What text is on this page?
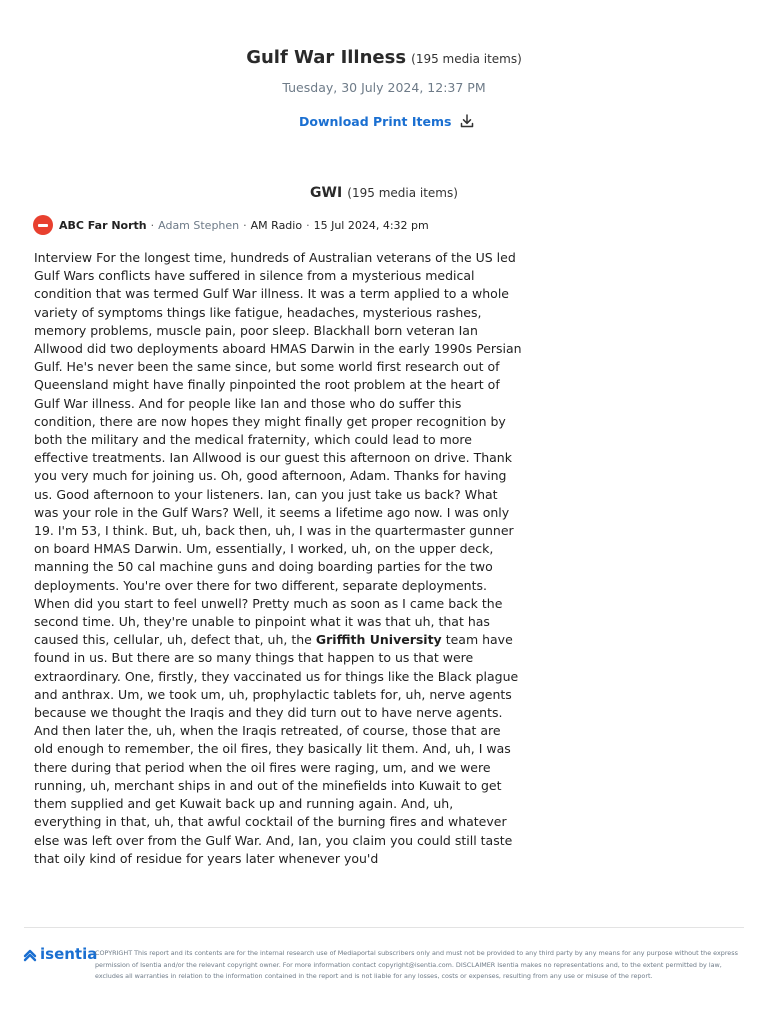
Gulf War Illness (195 media items)
Tuesday, 30 July 2024, 12:37 PM
Download Print Items
GWI (195 media items)
ABC Far North · Adam Stephen · AM Radio · 15 Jul 2024, 4:32 pm
Interview For the longest time, hundreds of Australian veterans of the US led Gulf Wars conflicts have suffered in silence from a mysterious medical condition that was termed Gulf War illness. It was a term applied to a whole variety of symptoms things like fatigue, headaches, mysterious rashes, memory problems, muscle pain, poor sleep. Blackhall born veteran Ian Allwood did two deployments aboard HMAS Darwin in the early 1990s Persian Gulf. He's never been the same since, but some world first research out of Queensland might have finally pinpointed the root problem at the heart of Gulf War illness. And for people like Ian and those who do suffer this condition, there are now hopes they might finally get proper recognition by both the military and the medical fraternity, which could lead to more effective treatments. Ian Allwood is our guest this afternoon on drive. Thank you very much for joining us. Oh, good afternoon, Adam. Thanks for having us. Good afternoon to your listeners. Ian, can you just take us back? What was your role in the Gulf Wars? Well, it seems a lifetime ago now. I was only 19. I'm 53, I think. But, uh, back then, uh, I was in the quartermaster gunner on board HMAS Darwin. Um, essentially, I worked, uh, on the upper deck, manning the 50 cal machine guns and doing boarding parties for the two deployments. You're over there for two different, separate deployments. When did you start to feel unwell? Pretty much as soon as I came back the second time. Uh, they're unable to pinpoint what it was that uh, that has caused this, cellular, uh, defect that, uh, the Griffith University team have found in us. But there are so many things that happen to us that were extraordinary. One, firstly, they vaccinated us for things like the Black plague and anthrax. Um, we took um, uh, prophylactic tablets for, uh, nerve agents because we thought the Iraqis and they did turn out to have nerve agents. And then later the, uh, when the Iraqis retreated, of course, those that are old enough to remember, the oil fires, they basically lit them. And, uh, I was there during that period when the oil fires were raging, um, and we were running, uh, merchant ships in and out of the minefields into Kuwait to get them supplied and get Kuwait back up and running again. And, uh, everything in that, uh, that awful cocktail of the burning fires and whatever else was left over from the Gulf War. And, Ian, you claim you could still taste that oily kind of residue for years later whenever you'd
isentia
COPYRIGHT This report and its contents are for the internal research use of Mediaportal subscribers only and must not be provided to any third party by any means for any purpose without the express permission of Isentia and/or the relevant copyright owner. For more information contact copyright@isentia.com. DISCLAIMER Isentia makes no representations and, to the extent permitted by law, excludes all warranties in relation to the information contained in the report and is not liable for any losses, costs or expenses, resulting from any use or misuse of the report.
